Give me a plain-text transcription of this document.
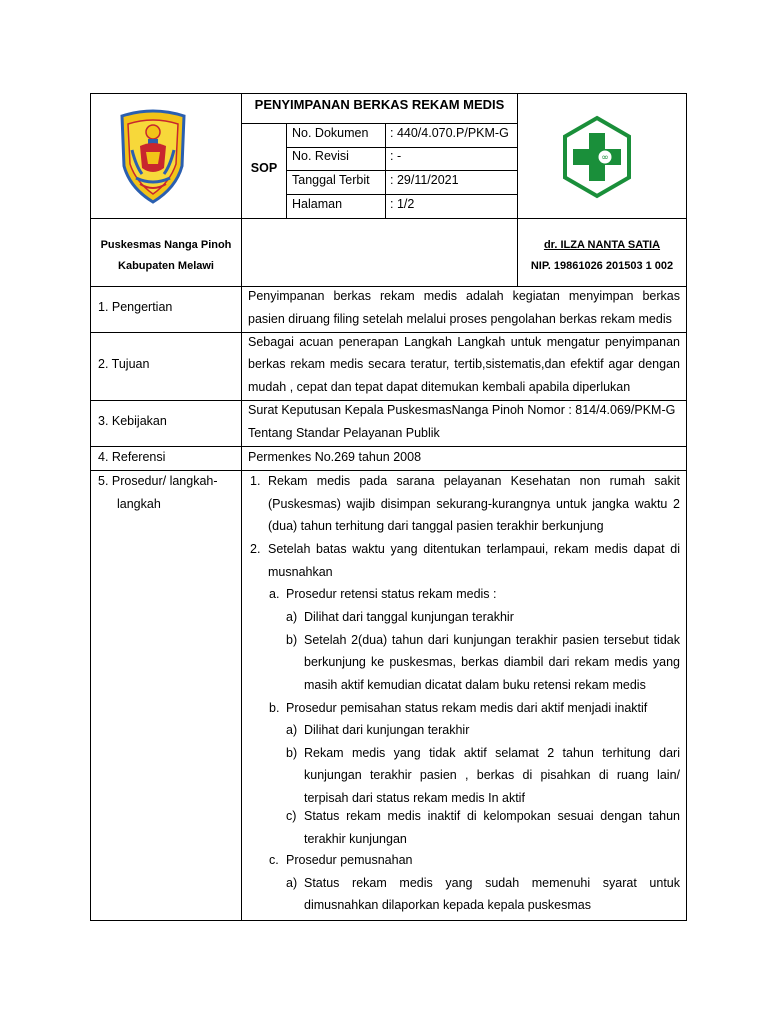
PENYIMPANAN BERKAS REKAM MEDIS
SOP
No. Dokumen : 440/4.070.P/PKM-G
No. Revisi	: -
Tanggal Terbit : 29/11/2021
Halaman	: 1/2
∞
Puskesmas Nanga Pinoh
Kabupaten Melawi
dr. ILZA NANTA SATIA
NIP. 19861026 201503 1 002
1. Pengertian
Penyimpanan berkas rekam medis adalah kegiatan menyimpan berkas
pasien diruang filing setelah melalui proses pengolahan berkas rekam medis
2. Tujuan
Sebagai acuan penerapan Langkah Langkah untuk mengatur penyimpanan
berkas rekam medis secara teratur, tertib,sistematis,dan efektif agar dengan
mudah , cepat dan tepat dapat ditemukan kembali apabila diperlukan
3. Kebijakan
Surat Keputusan Kepala PuskesmasNanga Pinoh Nomor : 814/4.069/PKM-G
Tentang Standar Pelayanan Publik
4. Referensi	Permenkes No.269 tahun 2008
5. Prosedur/ langkah-
langkah
1. Rekam medis pada sarana pelayanan Kesehatan non rumah sakit
(Puskesmas) wajib disimpan sekurang-kurangnya untuk jangka waktu 2
(dua) tahun terhitung dari tanggal pasien terakhir berkunjung
2. Setelah batas waktu yang ditentukan terlampaui, rekam medis dapat di
musnahkan
a. Prosedur retensi status rekam medis :
a) Dilihat dari tanggal kunjungan terakhir
b) Setelah 2(dua) tahun dari kunjungan terakhir pasien tersebut tidak
berkunjung ke puskesmas, berkas diambil dari rekam medis yang
masih aktif kemudian dicatat dalam buku retensi rekam medis
b. Prosedur pemisahan status rekam medis dari aktif menjadi inaktif
a) Dilihat dari kunjungan terakhir
b) Rekam medis yang tidak aktif selamat 2 tahun terhitung dari
kunjungan terakhir pasien , berkas di pisahkan di ruang lain/
terpisah dari status rekam medis In aktif
c) Status rekam medis inaktif di kelompokan sesuai dengan tahun
terakhir kunjungan
c. Prosedur pemusnahan
a) Status rekam medis yang sudah memenuhi syarat untuk
dimusnahkan dilaporkan kepada kepala puskesmas
